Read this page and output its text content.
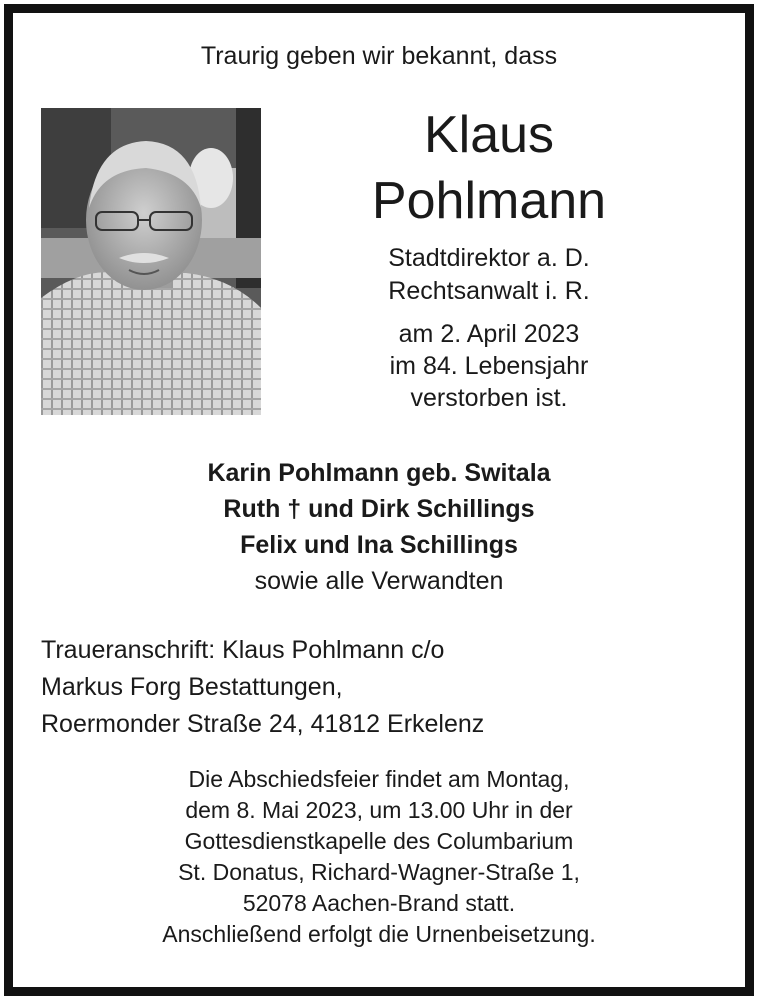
Traurig geben wir bekannt, dass
Klaus
Pohlmann
Stadtdirektor a. D.
Rechtsanwalt i. R.
am 2. April 2023
im 84. Lebensjahr
verstorben ist.
Karin Pohlmann geb. Switala
Ruth † und Dirk Schillings
Felix und Ina Schillings
sowie alle Verwandten
Traueranschrift: Klaus Pohlmann c/o
Markus Forg Bestattungen,
Roermonder Straße 24, 41812 Erkelenz
Die Abschiedsfeier findet am Montag,
dem 8. Mai 2023, um 13.00 Uhr in der
Gottesdienstkapelle des Columbarium
St. Donatus, Richard-Wagner-Straße 1,
52078 Aachen-Brand statt.
Anschließend erfolgt die Urnenbeisetzung.
